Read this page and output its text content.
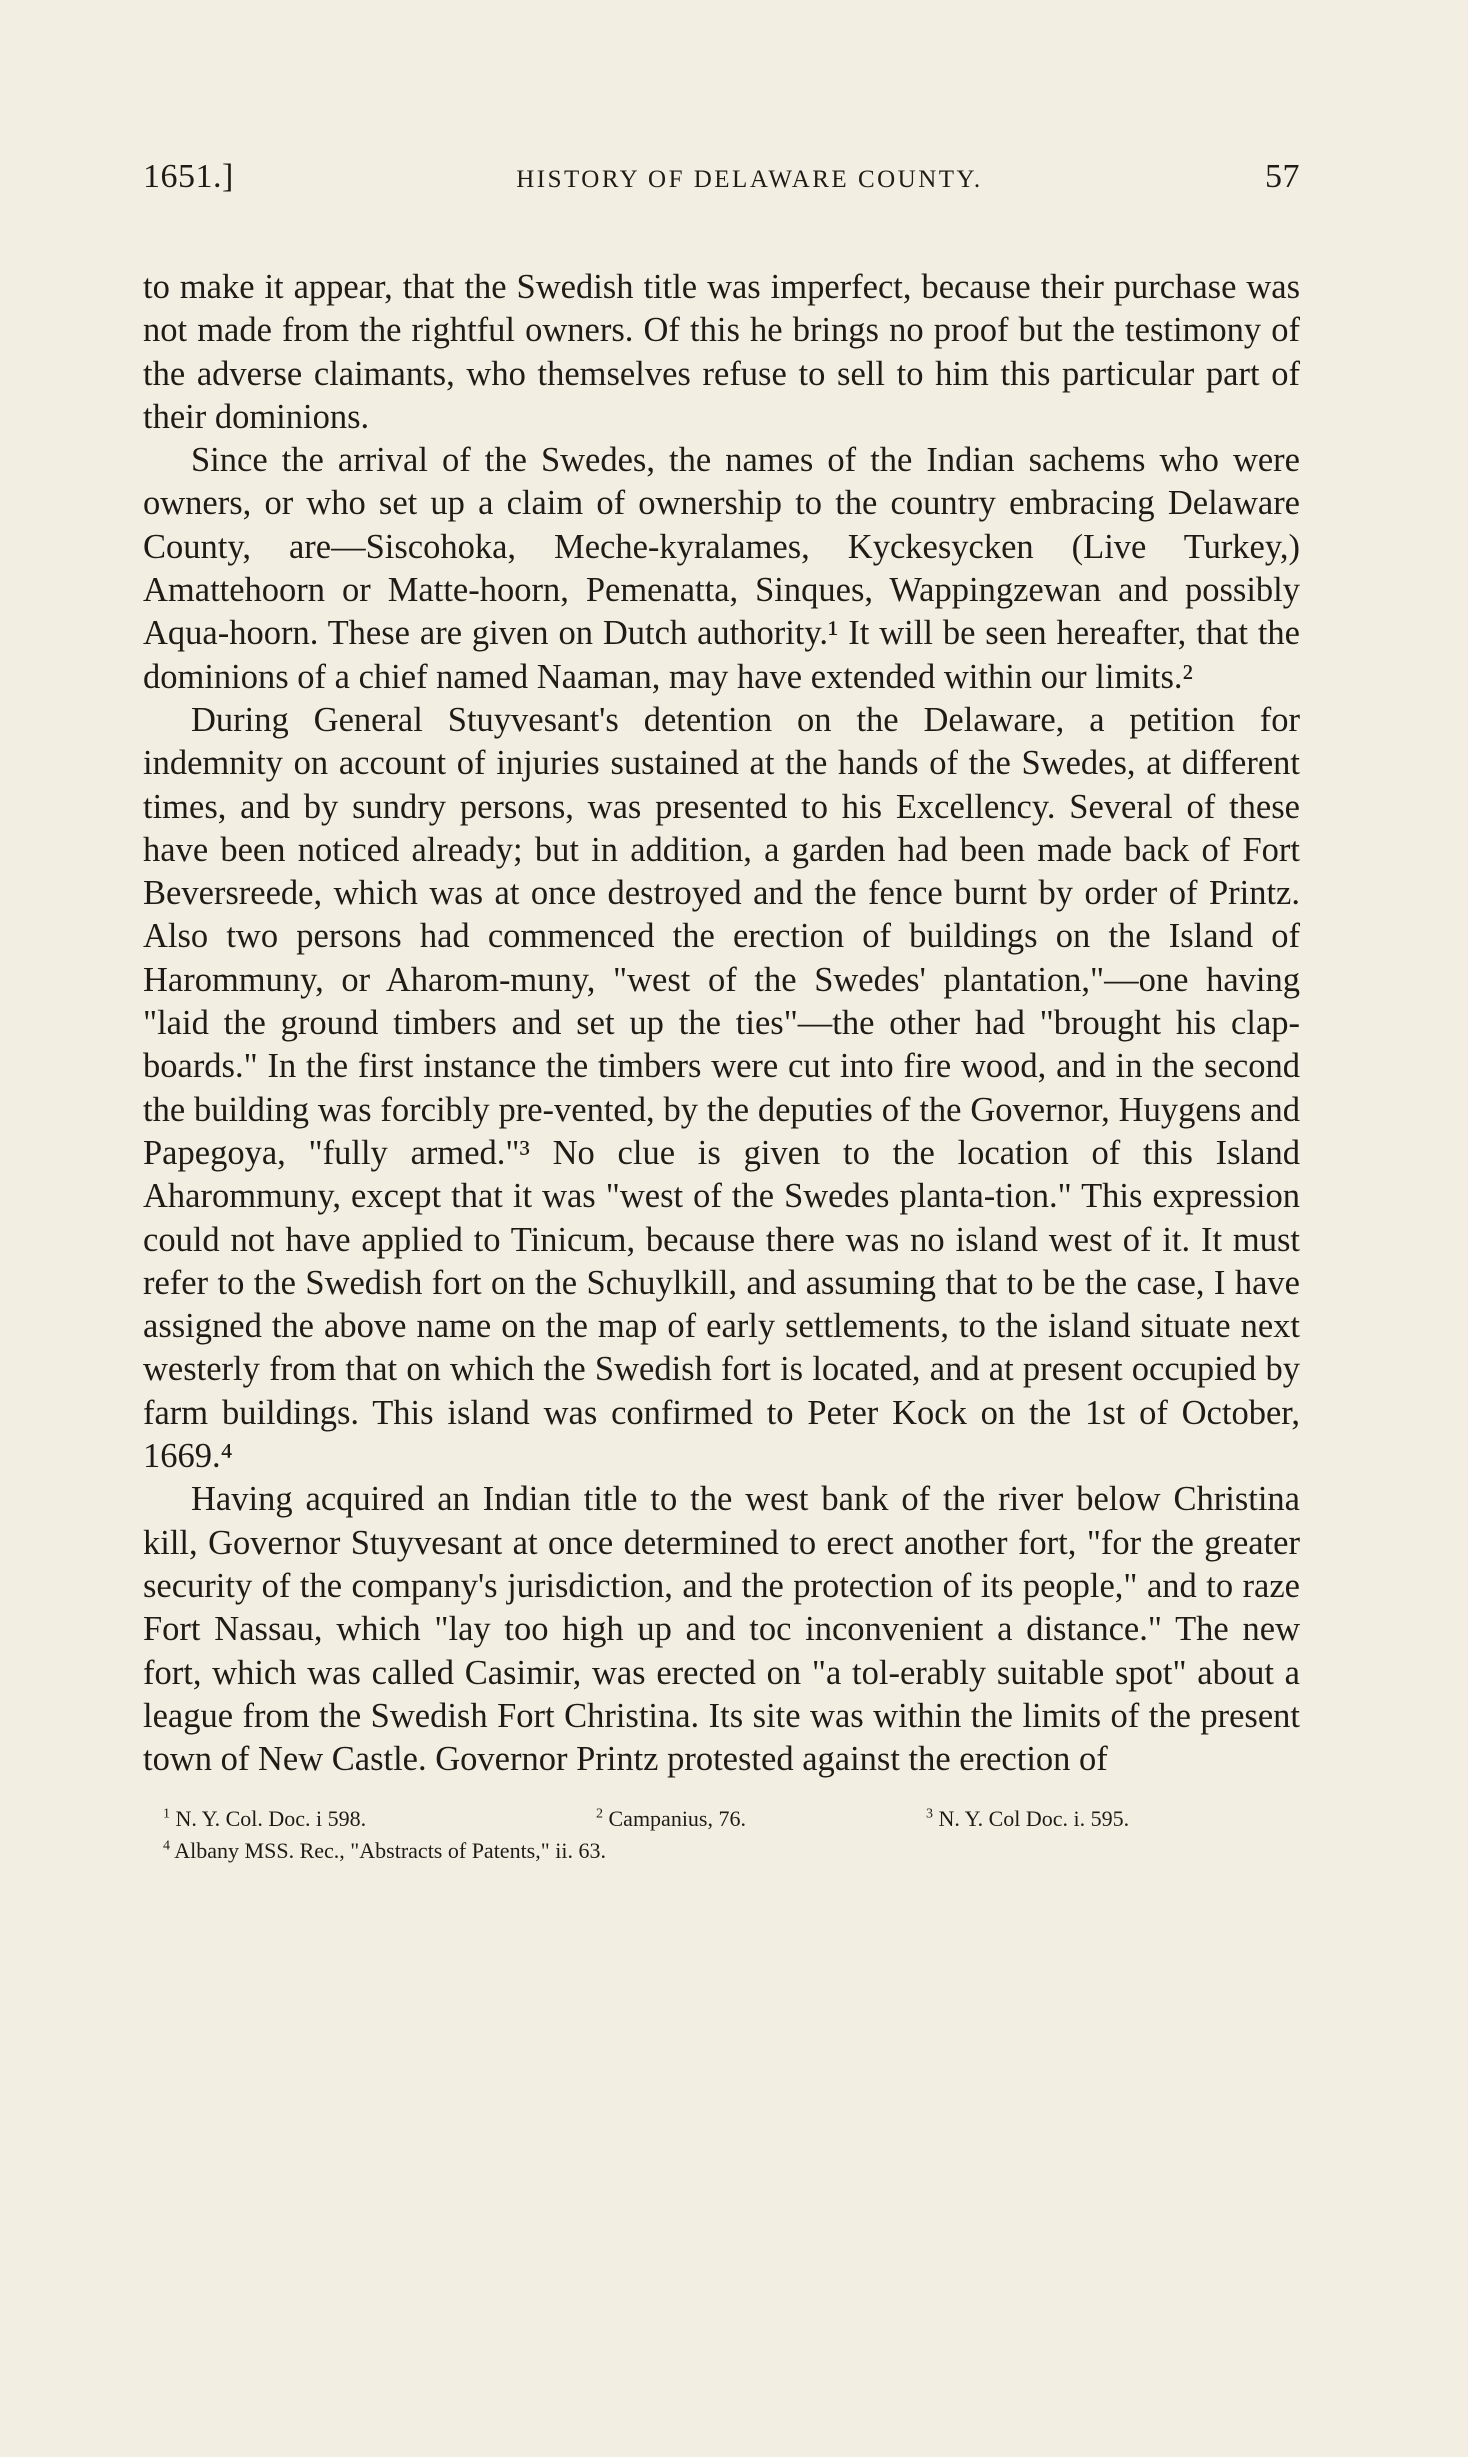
1651.]	HISTORY OF DELAWARE COUNTY.	57

to make it appear, that the Swedish title was imperfect, because their purchase was not made from the rightful owners. Of this he brings no proof but the testimony of the adverse claimants, who themselves refuse to sell to him this particular part of their dominions.

Since the arrival of the Swedes, the names of the Indian sachems who were owners, or who set up a claim of ownership to the country embracing Delaware County, are—Siscohoka, Meche-kyralames, Kyckesycken (Live Turkey,) Amattehoorn or Matte-hoorn, Pemenatta, Sinques, Wappingzewan and possibly Aqua-hoorn. These are given on Dutch authority.¹ It will be seen hereafter, that the dominions of a chief named Naaman, may have extended within our limits.²

During General Stuyvesant's detention on the Delaware, a petition for indemnity on account of injuries sustained at the hands of the Swedes, at different times, and by sundry persons, was presented to his Excellency. Several of these have been noticed already; but in addition, a garden had been made back of Fort Beversreede, which was at once destroyed and the fence burnt by order of Printz. Also two persons had commenced the erection of buildings on the Island of Harommuny, or Aharom-muny, "west of the Swedes' plantation,"—one having "laid the ground timbers and set up the ties"—the other had "brought his clap-boards." In the first instance the timbers were cut into fire wood, and in the second the building was forcibly pre-vented, by the deputies of the Governor, Huygens and Papegoya, "fully armed."³ No clue is given to the location of this Island Aharommuny, except that it was "west of the Swedes planta-tion." This expression could not have applied to Tinicum, because there was no island west of it. It must refer to the Swedish fort on the Schuylkill, and assuming that to be the case, I have assigned the above name on the map of early settlements, to the island situate next westerly from that on which the Swedish fort is located, and at present occupied by farm buildings. This island was confirmed to Peter Kock on the 1st of October, 1669.⁴

Having acquired an Indian title to the west bank of the river below Christina kill, Governor Stuyvesant at once determined to erect another fort, "for the greater security of the company's jurisdiction, and the protection of its people," and to raze Fort Nassau, which "lay too high up and toc inconvenient a distance." The new fort, which was called Casimir, was erected on "a tol-erably suitable spot" about a league from the Swedish Fort Christina. Its site was within the limits of the present town of New Castle. Governor Printz protested against the erection of

$^1$ N. Y. Col. Doc. i 598.	$^2$ Campanius, 76.	$^3$ N. Y. Col Doc. i. 595.
$^4$ Albany MSS. Rec., "Abstracts of Patents," ii. 63.
